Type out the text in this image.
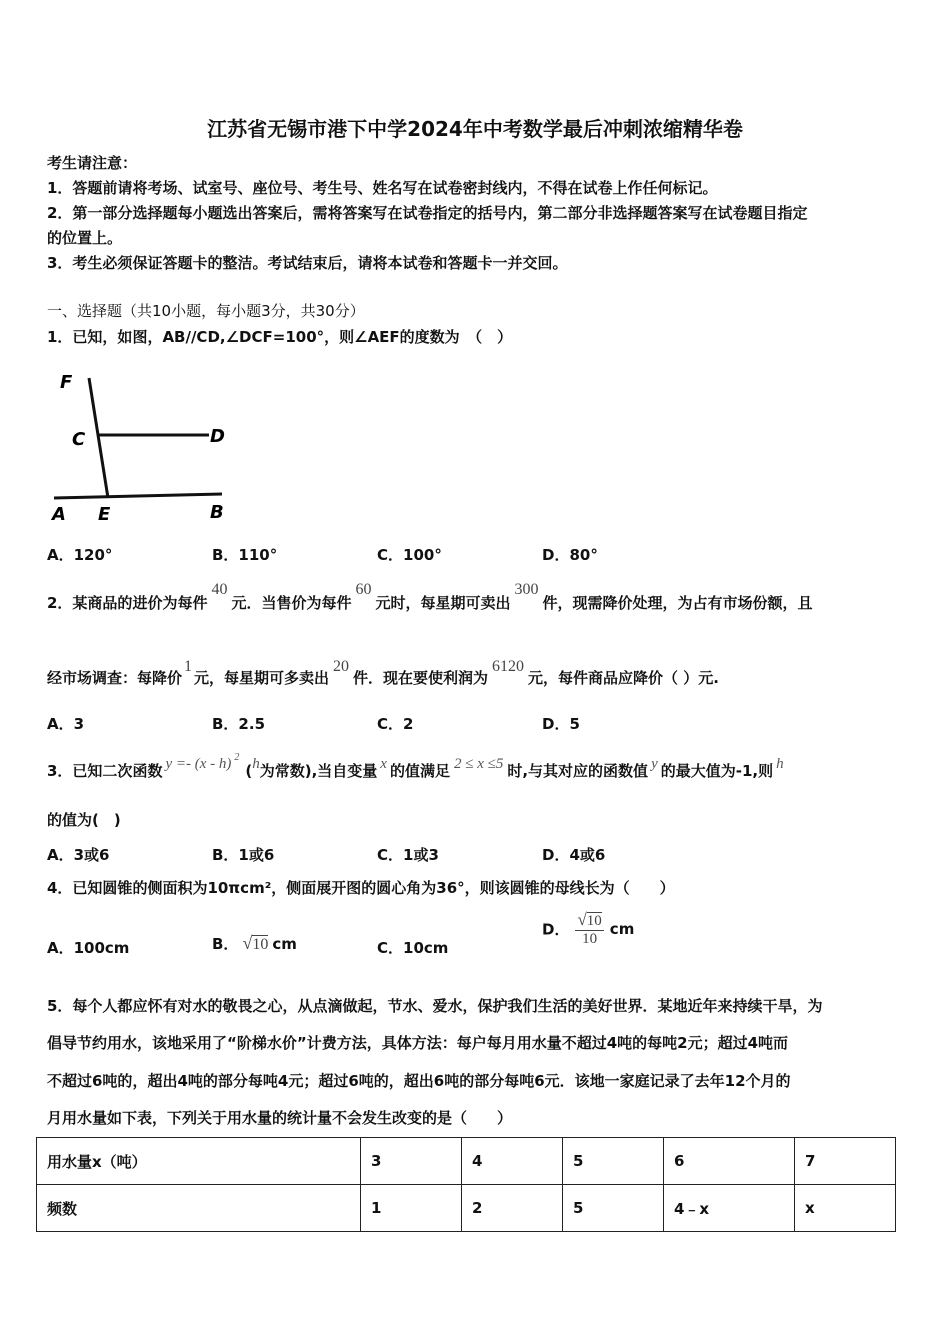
江苏省无锡市港下中学2024年中考数学最后冲刺浓缩精华卷
考生请注意：
1．答题前请将考场、试室号、座位号、考生号、姓名写在试卷密封线内，不得在试卷上作任何标记。
2．第一部分选择题每小题选出答案后，需将答案写在试卷指定的括号内，第二部分非选择题答案写在试卷题目指定
的位置上。
3．考生必须保证答题卡的整洁。考试结束后，请将本试卷和答题卡一并交回。
一、选择题（共10小题，每小题3分，共30分）
1．已知，如图，AB//CD,∠DCF=100°，则∠AEF的度数为　（　）
F
C	D
A E	B
A．120°	B．110°	C．100°	D．80°
2．某商品的进价为每件40元．当售价为每件60元时，每星期可卖出300件，现需降价处理，为占有市场份额，且
经市场调查：每降价1元，每星期可多卖出20件．现在要使利润为6120元，每件商品应降价（ ）元.
A．3	B．2.5	C．2	D．5
3．已知二次函数 y =- (x - h) $^2$(h为常数),当自变量 x 的值满足 2 ≤ x ≤5 时,与其对应的函数值 y 的最大值为-1,则 h
的值为(　)
A．3或6	B．1或6	C．1或3	D．4或6
4．已知圆锥的侧面积为10πcm²，侧面展开图的圆心角为36°，则该圆锥的母线长为（　　）
A．100cm	B． √10 cm	C．10cm
D． $\frac{√10}{10}$ cm
5．每个人都应怀有对水的敬畏之心，从点滴做起，节水、爱水，保护我们生活的美好世界．某地近年来持续干旱，为
倡导节约用水，该地采用了“阶梯水价”计费方法，具体方法：每户每月用水量不超过4吨的每吨2元；超过4吨而
不超过6吨的，超出4吨的部分每吨4元；超过6吨的，超出6吨的部分每吨6元．该地一家庭记录了去年12个月的
月用水量如下表，下列关于用水量的统计量不会发生改变的是（　　）
用水量x（吨）	3	4	5	6	7
频数	1	2	5	4﹣x	x
